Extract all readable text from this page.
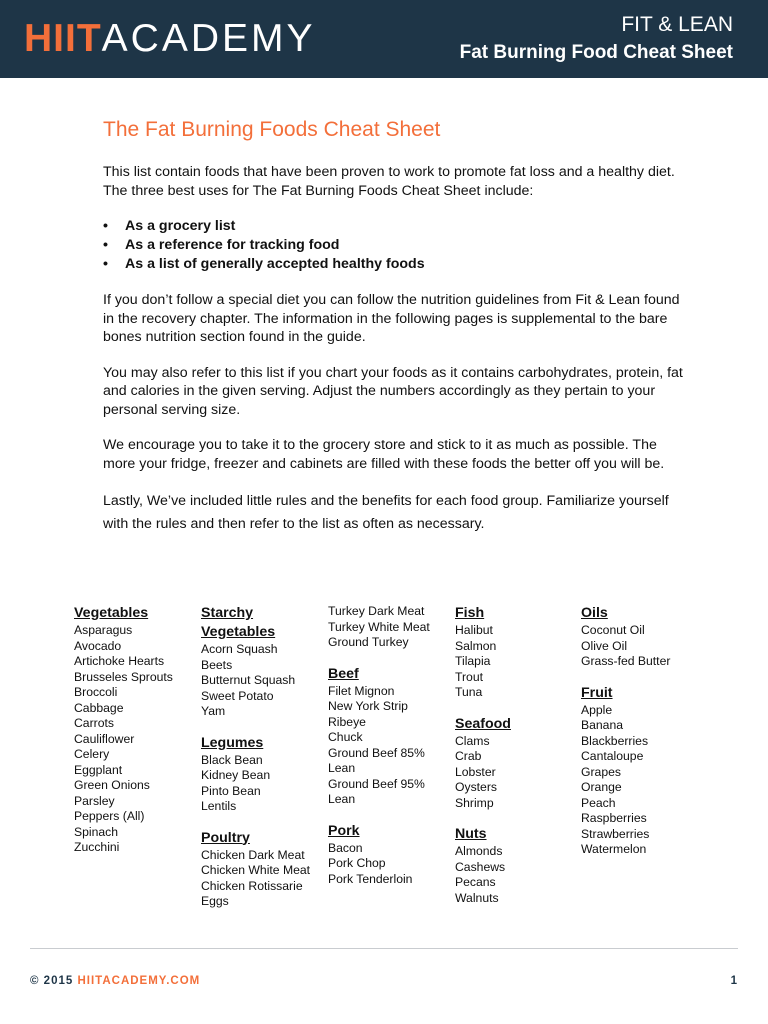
HIITACADEMY	FIT & LEAN
Fat Burning Food Cheat Sheet
The Fat Burning Foods Cheat Sheet

This list contain foods that have been proven to work to promote fat loss and a healthy diet. The three best uses for The Fat Burning Foods Cheat Sheet include:

• As a grocery list
• As a reference for tracking food
• As a list of generally accepted healthy foods

If you don’t follow a special diet you can follow the nutrition guidelines from Fit & Lean found in the recovery chapter. The information in the following pages is supplemental to the bare bones nutrition section found in the guide.

You may also refer to this list if you chart your foods as it contains carbohydrates, protein, fat and calories in the given serving. Adjust the numbers accordingly as they pertain to your personal serving size.

We encourage you to take it to the grocery store and stick to it as much as possible. The more your fridge, freezer and cabinets are filled with these foods the better off you will be.

Lastly, We’ve included little rules and the benefits for each food group. Familiarize yourself with the rules and then refer to the list as often as necessary.

Vegetables
Asparagus
Avocado
Artichoke Hearts
Brusseles Sprouts
Broccoli
Cabbage
Carrots
Cauliflower
Celery
Eggplant
Green Onions
Parsley
Peppers (All)
Spinach
Zucchini
Starchy
Vegetables
Acorn Squash
Beets
Butternut Squash
Sweet Potato
Yam
Legumes
Black Bean
Kidney Bean
Pinto Bean
Lentils
Poultry
Chicken Dark Meat
Chicken White Meat
Chicken Rotissarie
Eggs
Turkey Dark Meat
Turkey White Meat
Ground Turkey
Beef
Filet Mignon
New York Strip
Ribeye
Chuck
Ground Beef 85%
Lean
Ground Beef 95%
Lean
Pork
Bacon
Pork Chop
Pork Tenderloin
Fish
Halibut
Salmon
Tilapia
Trout
Tuna
Seafood
Clams
Crab
Lobster
Oysters
Shrimp
Nuts
Almonds
Cashews
Pecans
Walnuts
Oils
Coconut Oil
Olive Oil
Grass-fed Butter
Fruit
Apple
Banana
Blackberries
Cantaloupe
Grapes
Orange
Peach
Raspberries
Strawberries
Watermelon
© 2015 HIITACADEMY.COM	1
